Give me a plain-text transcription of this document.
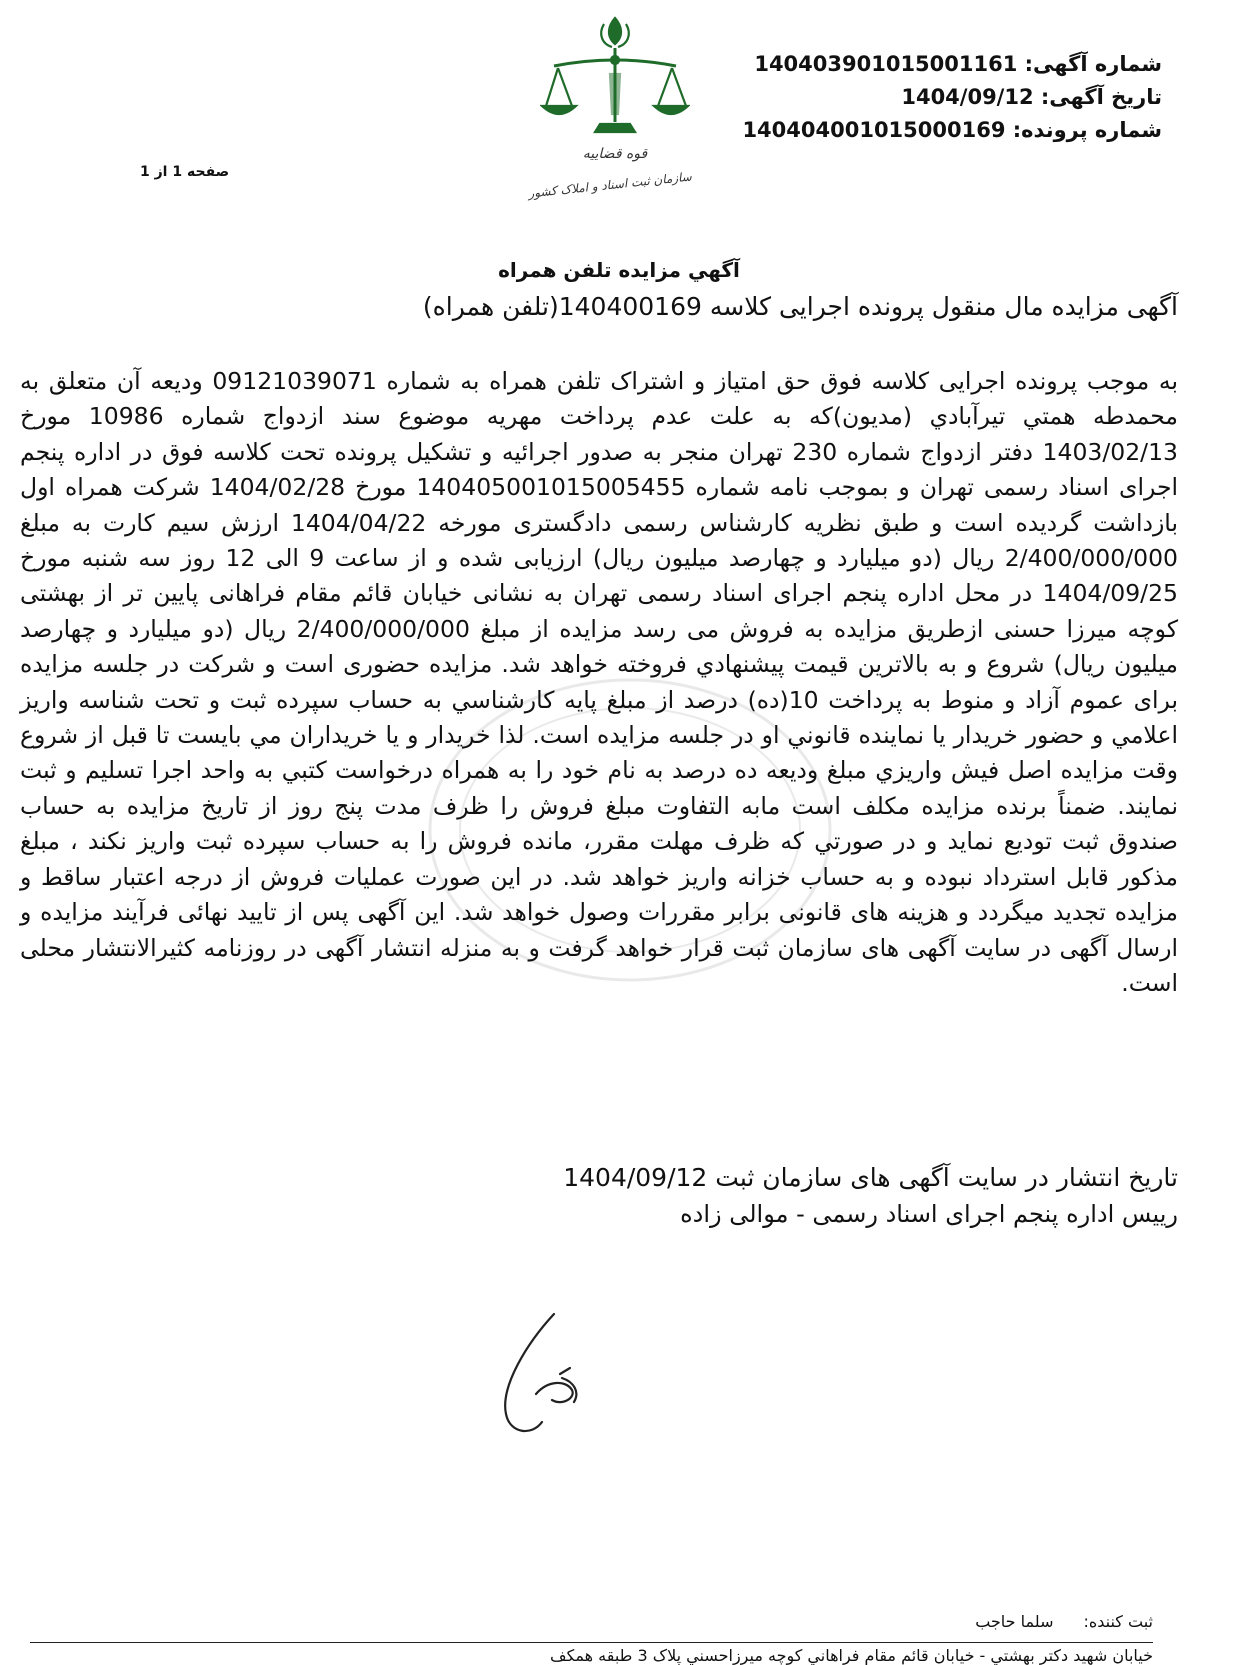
قوه قضاییه
سازمان ثبت اسناد و املاک کشور
شماره آگهی: 140403901015001161
تاریخ آگهی: 1404/09/12
شماره پرونده: 140404001015000169
صفحه 1 از 1
آگهي مزايده تلفن همراه
آگهی مزایده مال منقول پرونده اجرایی کلاسه 140400169(تلفن همراه)
به موجب پرونده اجرایی کلاسه فوق حق امتیاز و اشتراک تلفن همراه به شماره 09121039071 ودیعه آن متعلق به محمدطه همتي تيرآبادي (مدیون)که به علت عدم پرداخت مهریه موضوع سند ازدواج شماره 10986 مورخ 1403/02/13 دفتر ازدواج شماره 230 تهران منجر به صدور اجرائیه و تشکیل پرونده تحت کلاسه فوق در اداره پنجم اجرای اسناد رسمی تهران و بموجب نامه شماره 140405001015005455 مورخ 1404/02/28 شرکت همراه اول بازداشت گردیده است و طبق نظریه کارشناس رسمی دادگستری مورخه 1404/04/22 ارزش سیم کارت به مبلغ 2/400/000/000 ریال (دو میلیارد و چهارصد میلیون ریال) ارزیابی شده و از ساعت 9 الی 12 روز سه شنبه مورخ 1404/09/25 در محل اداره پنجم اجرای اسناد رسمی تهران به نشانی خیابان قائم مقام فراهانی پایین تر از بهشتی کوچه میرزا حسنی ازطریق مزایده به فروش می رسد مزایده از مبلغ 2/400/000/000 ریال (دو میلیارد و چهارصد میلیون ریال) شروع و به بالاترين قيمت پيشنهادي فروخته خواهد شد. مزايده حضوری است و شرکت در جلسه مزايده براى عموم آزاد و منوط به پرداخت 10(ده) درصد از مبلغ پايه کارشناسي به حساب سپرده ثبت و تحت شناسه واريز اعلامي و حضور خريدار يا نماينده قانوني او در جلسه مزايده است. لذا خريدار و يا خريداران مي بايست تا قبل از شروع وقت مزايده اصل فيش واريزي مبلغ وديعه ده درصد به نام خود را به همراه درخواست کتبي به واحد اجرا تسليم و ثبت نمايند. ضمناً برنده مزايده مکلف است مابه التفاوت مبلغ فروش را ظرف مدت پنج روز از تاريخ مزايده به حساب صندوق ثبت توديع نمايد و در صورتي که ظرف مهلت مقرر، مانده فروش را به حساب سپرده ثبت واريز نکند ، مبلغ مذکور قابل استرداد نبوده و به حساب خزانه واريز خواهد شد. در این صورت عملیات فروش از درجه اعتبار ساقط و مزايده تجديد ميگردد و هزينه های قانونی برابر مقررات وصول خواهد شد. این آگهی پس از تایید نهائی فرآیند مزایده و ارسال آگهی در سایت آگهی های سازمان ثبت قرار خواهد گرفت و به منزله انتشار آگهی در روزنامه کثیرالانتشار محلی است.
تاریخ انتشار در سایت آگهی های سازمان ثبت 1404/09/12
رییس اداره پنجم اجرای اسناد رسمی - موالی زاده
ثبت کننده:سلما حاجب
خيابان شهيد دکتر بهشتي - خيابان قائم مقام فراهاني کوچه ميرزاحسني پلاک 3 طبقه همکف
